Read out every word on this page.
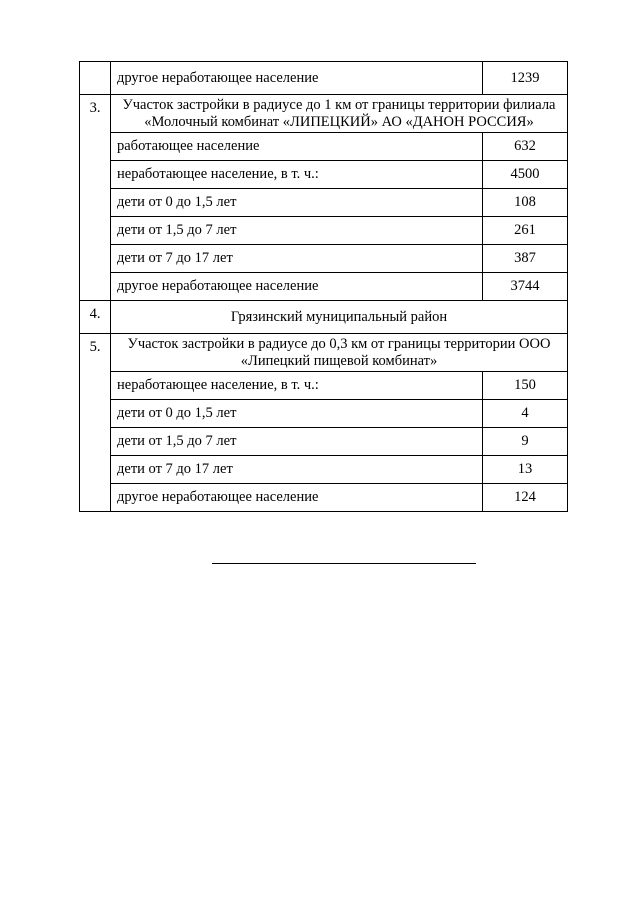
	другое неработающее население	1239
3.	Участок застройки в радиусе до 1 км от границы территории филиала «Молочный комбинат «ЛИПЕЦКИЙ» АО «ДАНОН РОССИЯ»	
	работающее население	632
	неработающее население, в т. ч.:	4500
	дети от 0 до 1,5 лет	108
	дети от 1,5 до 7 лет	261
	дети от 7 до 17 лет	387
	другое неработающее население	3744
4.	Грязинский муниципальный район	
5.	Участок застройки в радиусе до 0,3 км от границы территории ООО «Липецкий пищевой комбинат»	
	неработающее население, в т. ч.:	150
	дети от 0 до 1,5 лет	4
	дети от 1,5 до 7 лет	9
	дети от 7 до 17 лет	13
	другое неработающее население	124
